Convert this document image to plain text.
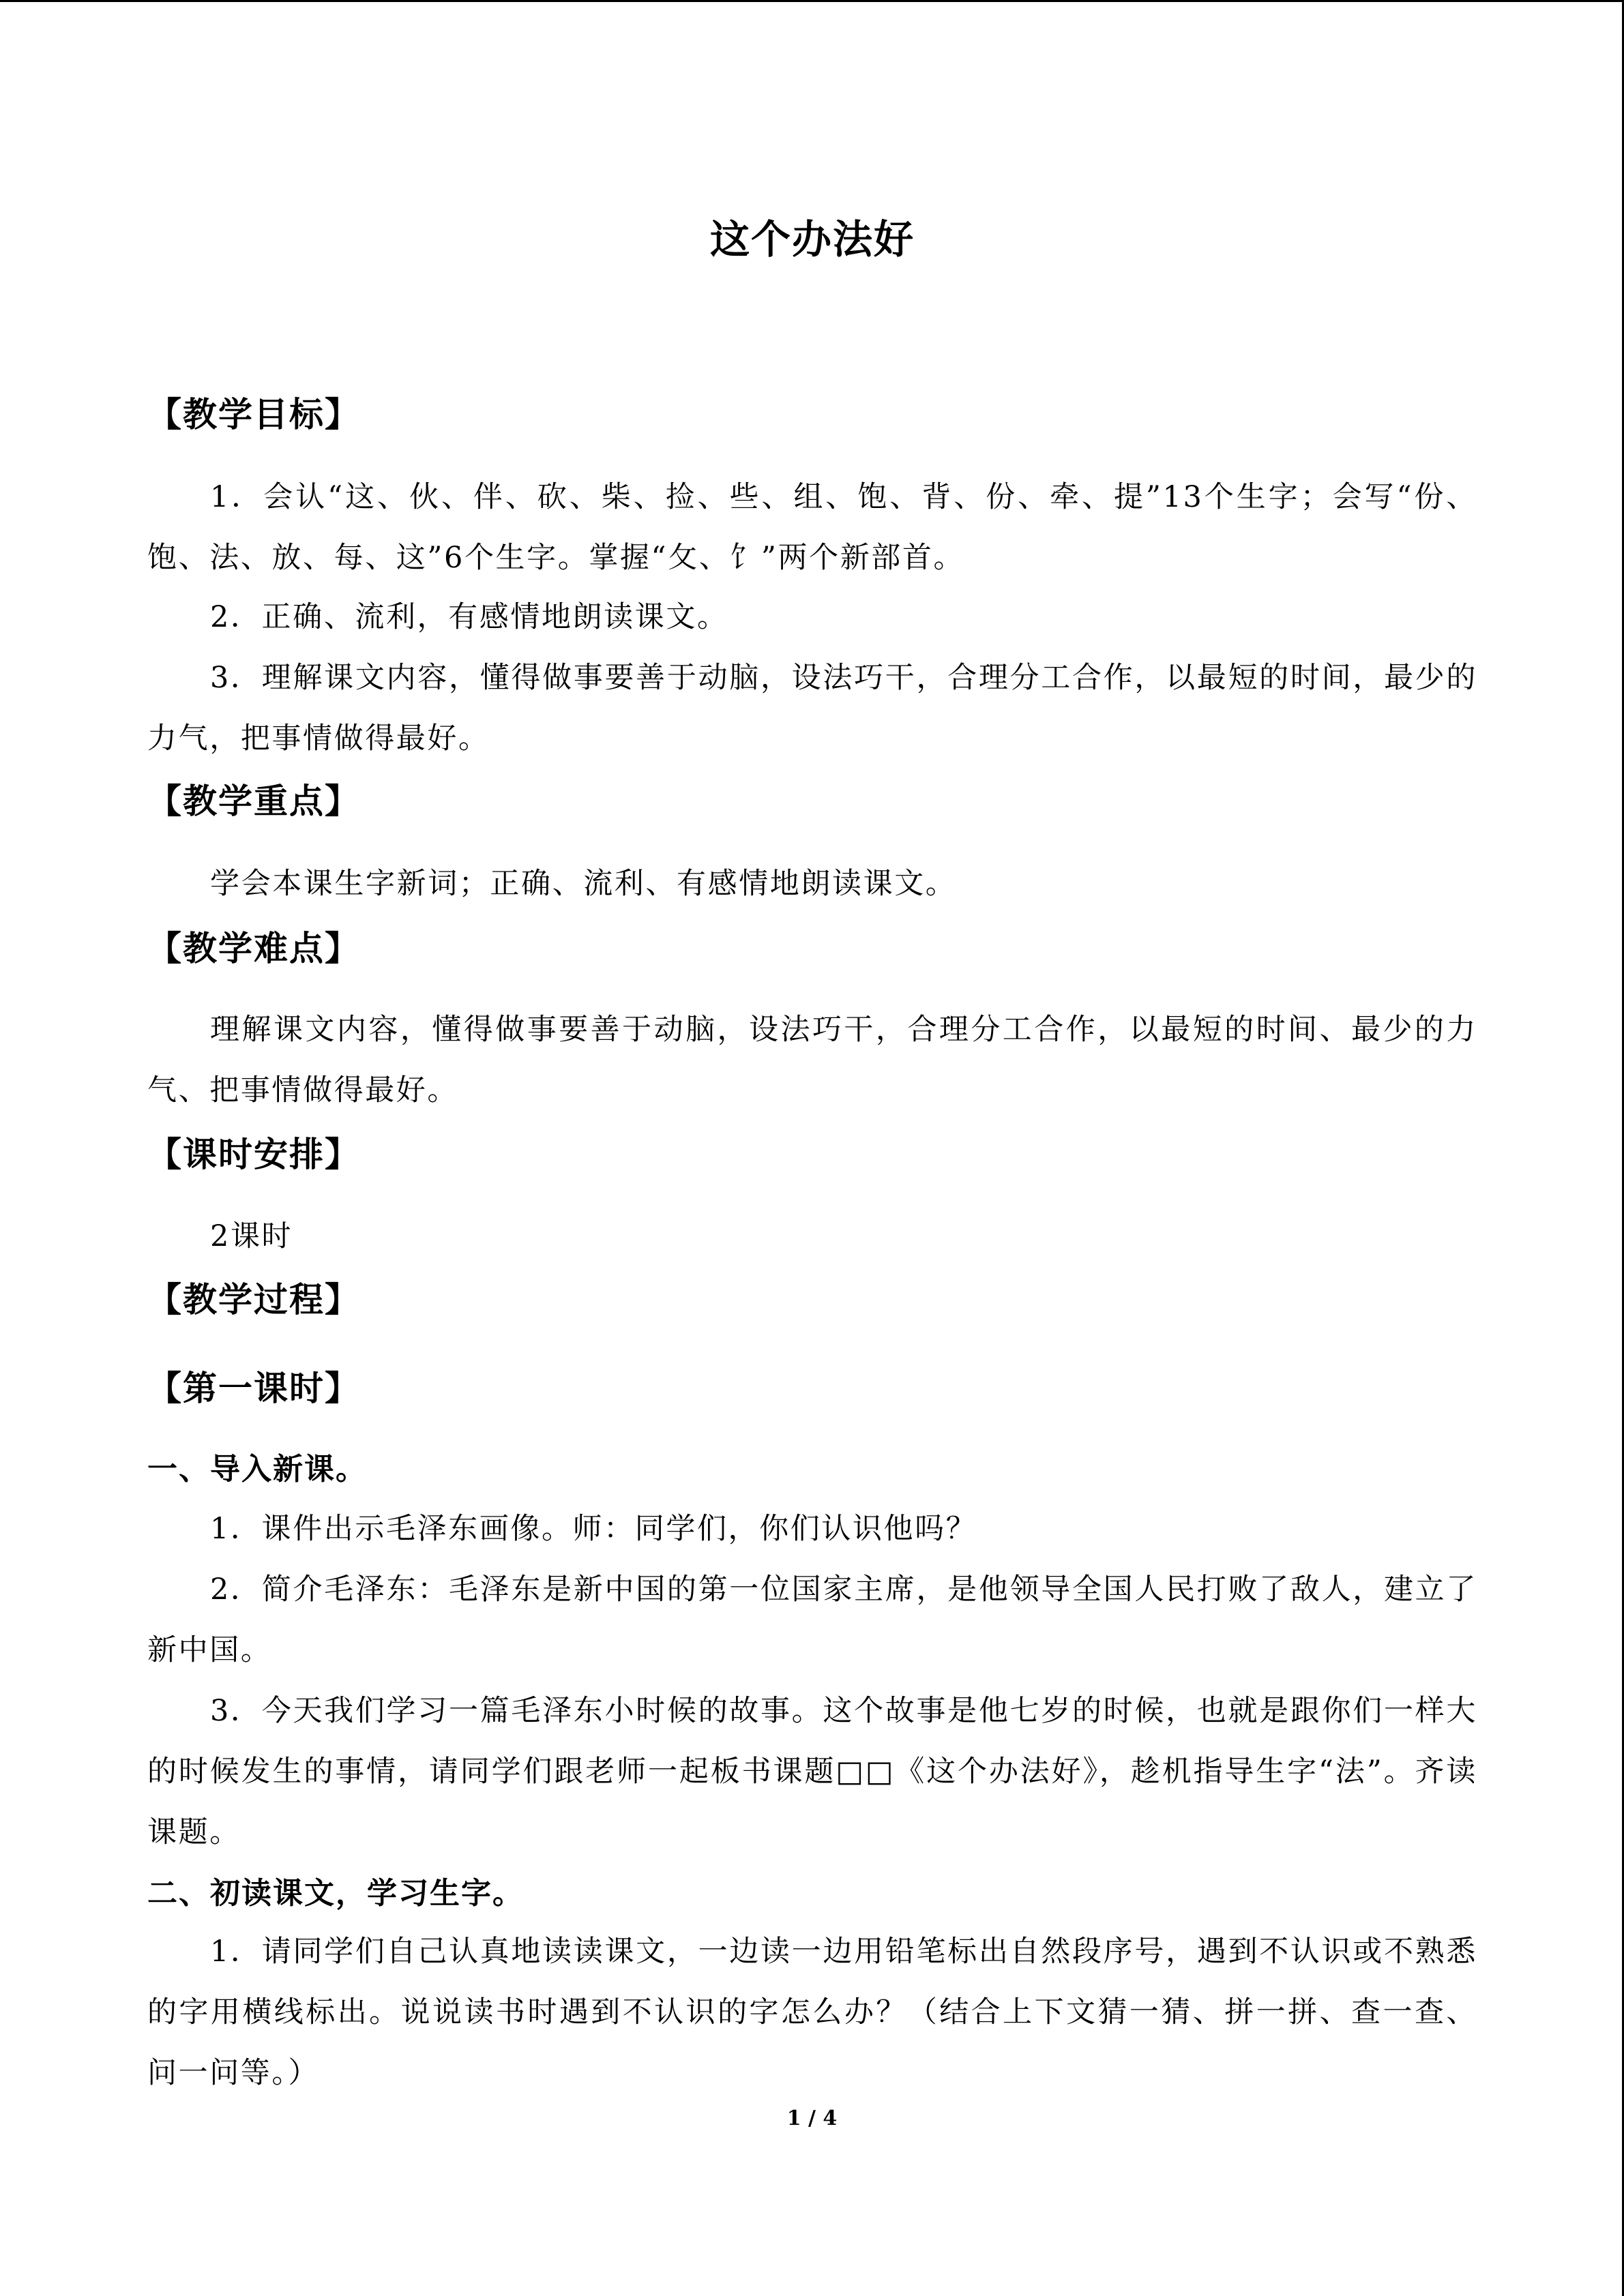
这个办法好
【教学目标】

1．会认“这、伙、伴、砍、柴、捡、些、组、饱、背、份、牵、提”13个生字；会写“份、饱、法、放、每、这”6个生字。掌握“攵、饣”两个新部首。

2．正确、流利，有感情地朗读课文。

3．理解课文内容，懂得做事要善于动脑，设法巧干，合理分工合作，以最短的时间，最少的力气，把事情做得最好。

【教学重点】

学会本课生字新词；正确、流利、有感情地朗读课文。

【教学难点】

理解课文内容，懂得做事要善于动脑，设法巧干，合理分工合作，以最短的时间、最少的力气、把事情做得最好。

【课时安排】

2课时

【教学过程】
【第一课时】
一、导入新课。

1．课件出示毛泽东画像。师：同学们，你们认识他吗？

2．简介毛泽东：毛泽东是新中国的第一位国家主席，是他领导全国人民打败了敌人，建立了新中国。

3．今天我们学习一篇毛泽东小时候的故事。这个故事是他七岁的时候，也就是跟你们一样大的时候发生的事情，请同学们跟老师一起板书课题□□《这个办法好》，趁机指导生字“法”。齐读课题。

二、初读课文，学习生字。

1．请同学们自己认真地读读课文，一边读一边用铅笔标出自然段序号，遇到不认识或不熟悉的字用横线标出。说说读书时遇到不认识的字怎么办？（结合上下文猜一猜、拼一拼、查一查、问一问等。）

1 / 4
